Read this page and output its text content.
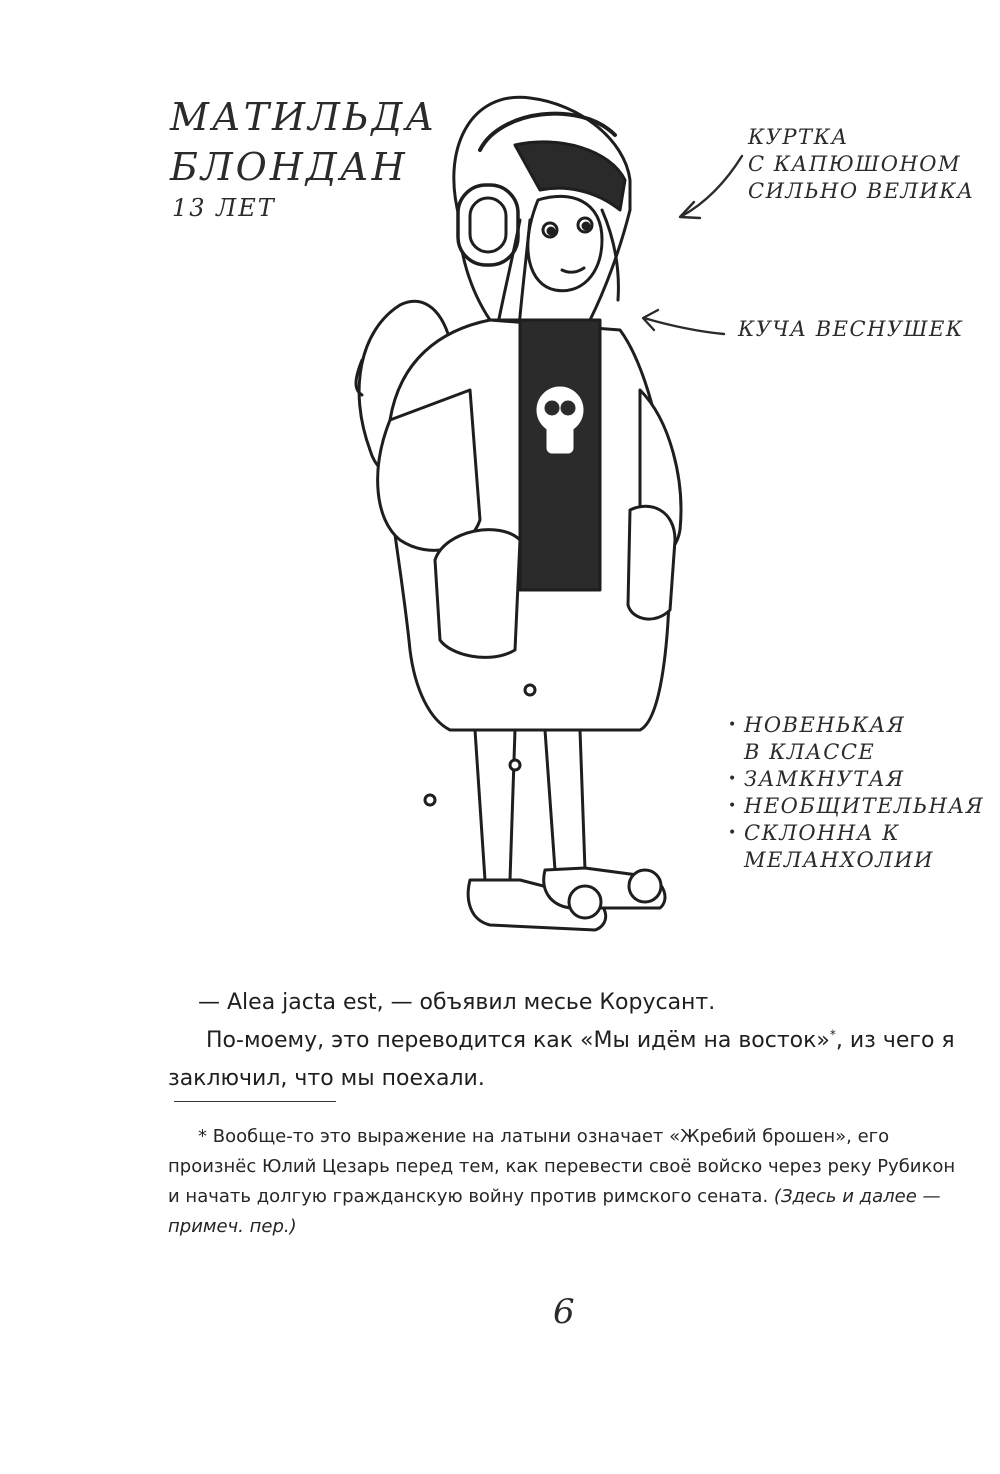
МАТИЛЬДА
БЛОНДАН
13 ЛЕТ
КУРТКА
С КАПЮШОНОМ
СИЛЬНО ВЕЛИКА
КУЧА ВЕСНУШЕК
• НОВЕНЬКАЯ В КЛАССЕ
• ЗАМКНУТАЯ
• НЕОБЩИТЕЛЬНАЯ
• СКЛОННА К МЕЛАНХОЛИИ

— Alea jacta est, — объявил месье Корусант.

По-моему, это переводится как «Мы идём на восток»*, из чего я заключил, что мы поехали.

* Вообще-то это выражение на латыни означает «Жребий брошен», его произнёс Юлий Цезарь перед тем, как перевести своё войско через реку Рубикон и начать долгую гражданскую войну против римского сената. (Здесь и далее — примеч. пер.)

6
